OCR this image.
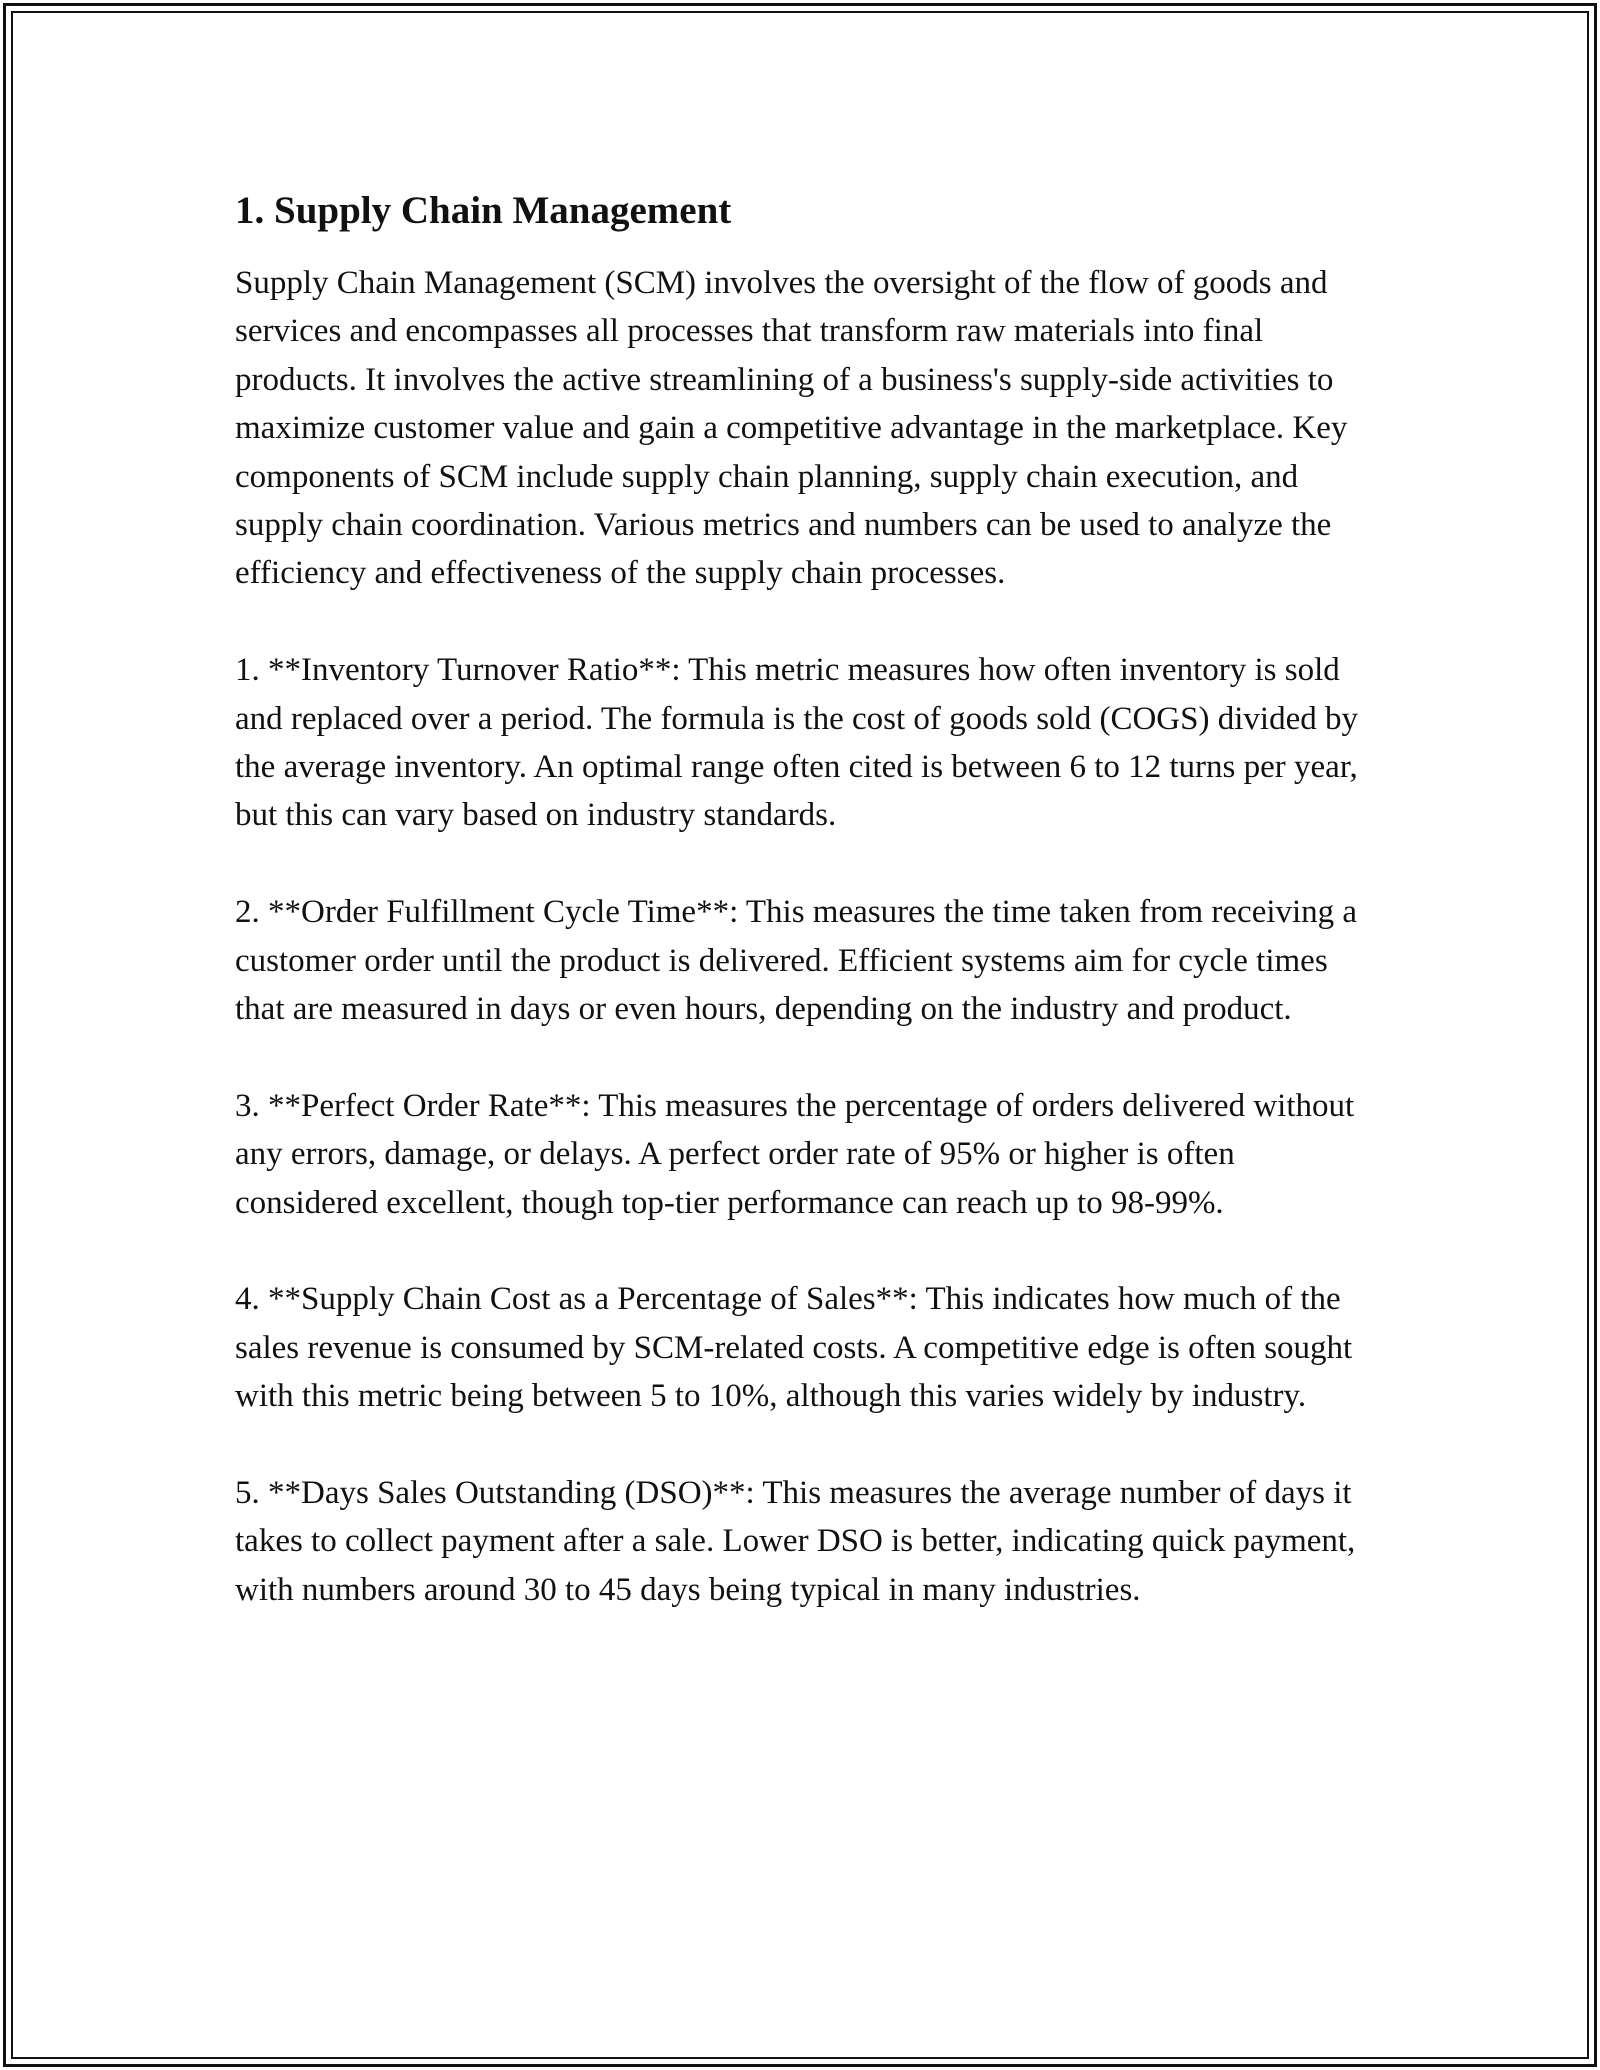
1. Supply Chain Management

Supply Chain Management (SCM) involves the oversight of the flow of goods and services and encompasses all processes that transform raw materials into final products. It involves the active streamlining of a business's supply-side activities to maximize customer value and gain a competitive advantage in the marketplace. Key components of SCM include supply chain planning, supply chain execution, and supply chain coordination. Various metrics and numbers can be used to analyze the efficiency and effectiveness of the supply chain processes.

1. **Inventory Turnover Ratio**: This metric measures how often inventory is sold and replaced over a period. The formula is the cost of goods sold (COGS) divided by the average inventory. An optimal range often cited is between 6 to 12 turns per year, but this can vary based on industry standards.

2. **Order Fulfillment Cycle Time**: This measures the time taken from receiving a customer order until the product is delivered. Efficient systems aim for cycle times that are measured in days or even hours, depending on the industry and product.

3. **Perfect Order Rate**: This measures the percentage of orders delivered without any errors, damage, or delays. A perfect order rate of 95% or higher is often considered excellent, though top-tier performance can reach up to 98-99%.

4. **Supply Chain Cost as a Percentage of Sales**: This indicates how much of the sales revenue is consumed by SCM-related costs. A competitive edge is often sought with this metric being between 5 to 10%, although this varies widely by industry.

5. **Days Sales Outstanding (DSO)**: This measures the average number of days it takes to collect payment after a sale. Lower DSO is better, indicating quick payment, with numbers around 30 to 45 days being typical in many industries.
